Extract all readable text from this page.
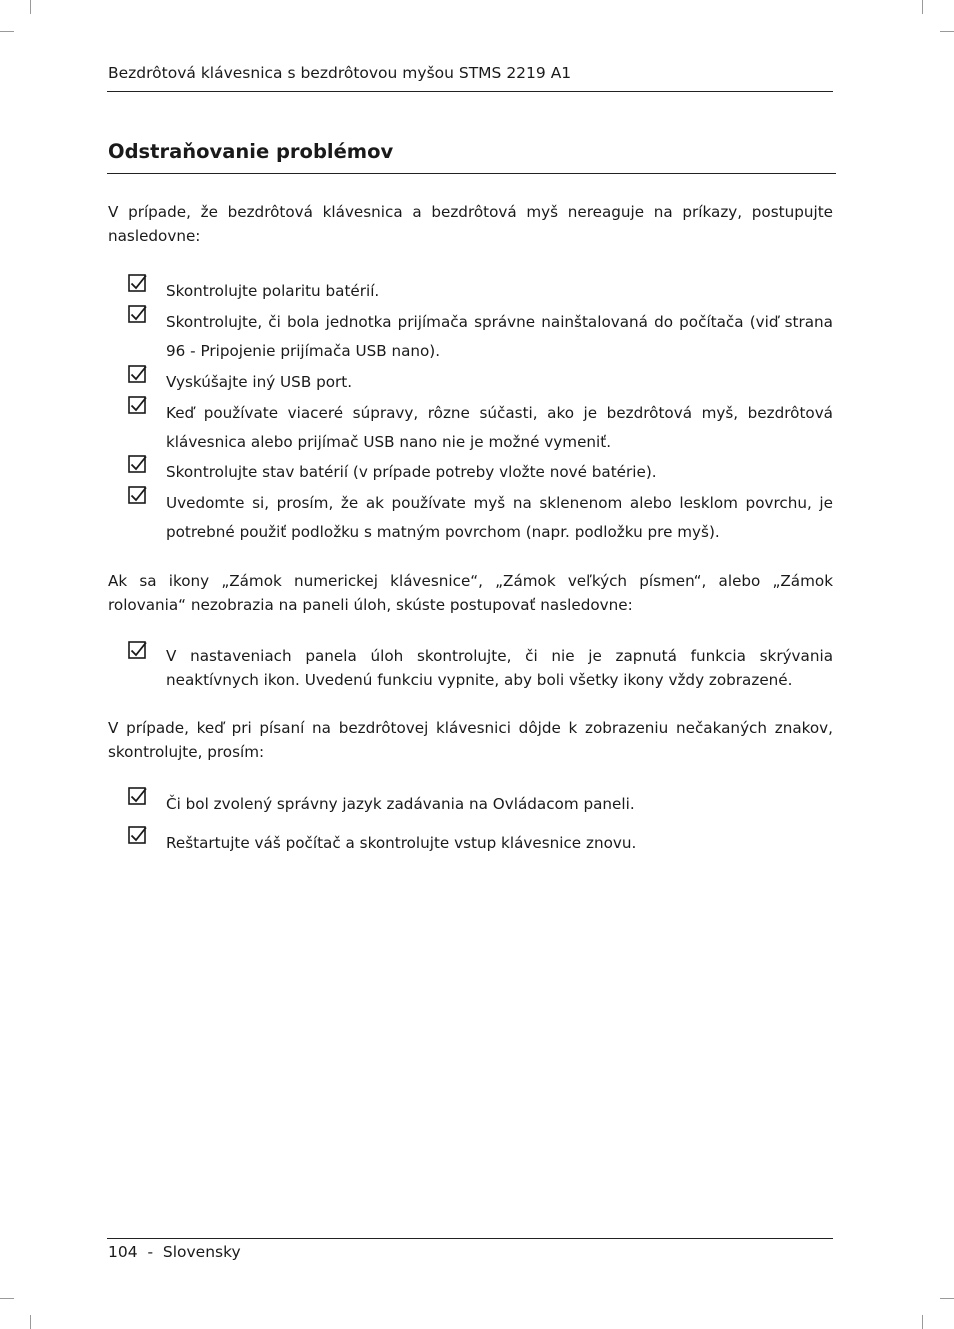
Bezdrôtová klávesnica s bezdrôtovou myšou STMS 2219 A1
Odstraňovanie problémov
V prípade, že bezdrôtová klávesnica a bezdrôtová myš nereaguje na príkazy, postupujte nasledovne:
Skontrolujte polaritu batérií.
Skontrolujte, či bola jednotka prijímača správne nainštalovaná do počítača (viď strana 96 - Pripojenie prijímača USB nano).
Vyskúšajte iný USB port.
Keď používate viaceré súpravy, rôzne súčasti, ako je bezdrôtová myš, bezdrôtová klávesnica alebo prijímač USB nano nie je možné vymeniť.
Skontrolujte stav batérií (v prípade potreby vložte nové batérie).
Uvedomte si, prosím, že ak používate myš na sklenenom alebo lesklom povrchu, je potrebné použiť podložku s matným povrchom (napr. podložku pre myš).
Ak sa ikony „Zámok numerickej klávesnice“, „Zámok veľkých písmen“, alebo „Zámok rolovania“ nezobrazia na paneli úloh, skúste postupovať nasledovne:
V nastaveniach panela úloh skontrolujte, či nie je zapnutá funkcia skrývania neaktívnych ikon. Uvedenú funkciu vypnite, aby boli všetky ikony vždy zobrazené.
V prípade, keď pri písaní na bezdrôtovej klávesnici dôjde k zobrazeniu nečakaných znakov, skontrolujte, prosím:
Či bol zvolený správny jazyk zadávania na Ovládacom paneli.
Reštartujte váš počítač a skontrolujte vstup klávesnice znovu.
104  -  Slovensky
